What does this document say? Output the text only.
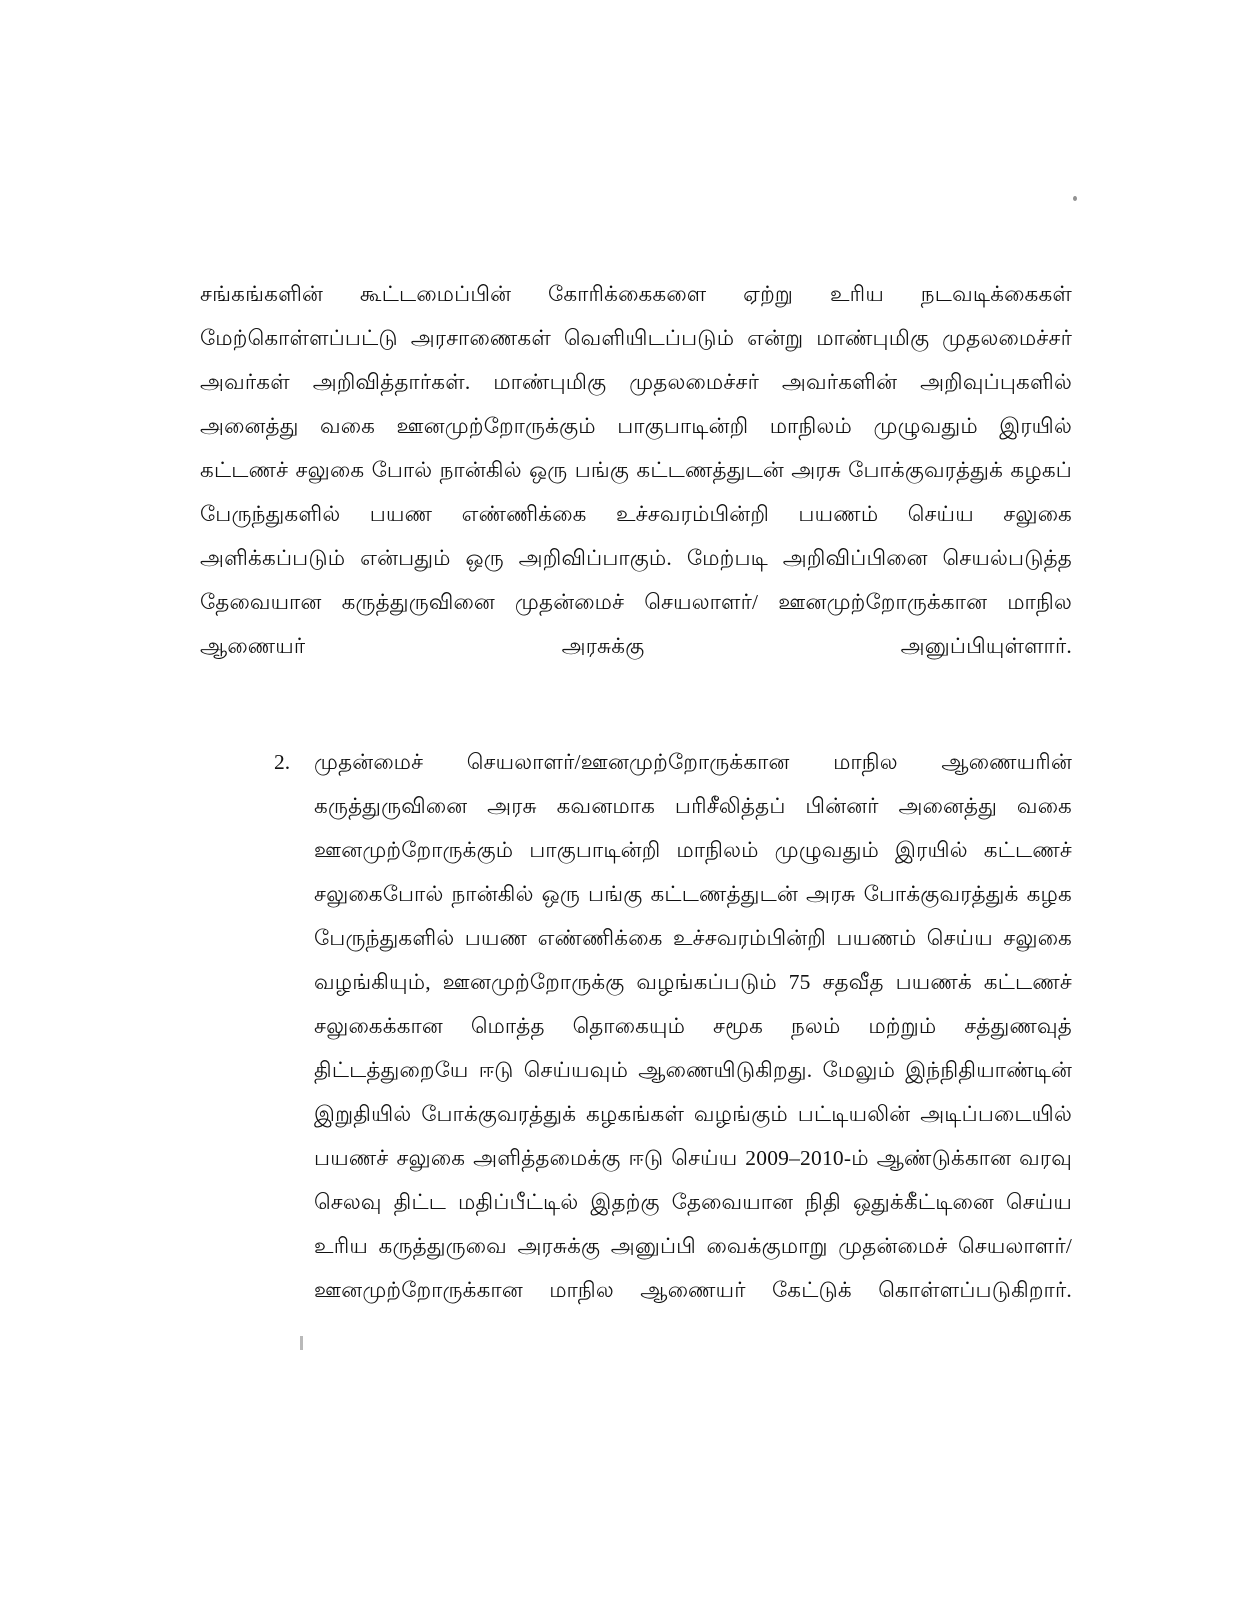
சங்கங்களின் கூட்டமைப்பின் கோரிக்கைகளை ஏற்று உரிய நடவடிக்கைகள் மேற்கொள்ளப்பட்டு அரசாணைகள் வெளியிடப்படும் என்று மாண்புமிகு முதலமைச்சர் அவர்கள் அறிவித்தார்கள். மாண்புமிகு முதலமைச்சர் அவர்களின் அறிவுப்புகளில் அனைத்து வகை ஊனமுற்றோருக்கும் பாகுபாடின்றி மாநிலம் முழுவதும் இரயில் கட்டணச் சலுகை போல் நான்கில் ஒரு பங்கு கட்டணத்துடன் அரசு போக்குவரத்துக் கழகப் பேருந்துகளில் பயண எண்ணிக்கை உச்சவரம்பின்றி பயணம் செய்ய சலுகை அளிக்கப்படும் என்பதும் ஒரு அறிவிப்பாகும். மேற்படி அறிவிப்பினை செயல்படுத்த தேவையான கருத்துருவினை முதன்மைச் செயலாளர்/ ஊனமுற்றோருக்கான மாநில ஆணையர் அரசுக்கு அனுப்பியுள்ளார்.

2.	முதன்மைச் செயலாளர்/ஊனமுற்றோருக்கான மாநில ஆணையரின் கருத்துருவினை அரசு கவனமாக பரிசீலித்தப் பின்னர் அனைத்து வகை ஊனமுற்றோருக்கும் பாகுபாடின்றி மாநிலம் முழுவதும் இரயில் கட்டணச் சலுகைபோல் நான்கில் ஒரு பங்கு கட்டணத்துடன் அரசு போக்குவரத்துக் கழக பேருந்துகளில் பயண எண்ணிக்கை உச்சவரம்பின்றி பயணம் செய்ய சலுகை வழங்கியும், ஊனமுற்றோருக்கு வழங்கப்படும் 75 சதவீத பயணக் கட்டணச் சலுகைக்கான மொத்த தொகையும் சமூக நலம் மற்றும் சத்துணவுத் திட்டத்துறையே ஈடு செய்யவும் ஆணையிடுகிறது. மேலும் இந்நிதியாண்டின் இறுதியில் போக்குவரத்துக் கழகங்கள் வழங்கும் பட்டியலின் அடிப்படையில் பயணச் சலுகை அளித்தமைக்கு ஈடு செய்ய 2009–2010-ம் ஆண்டுக்கான வரவு செலவு திட்ட மதிப்பீட்டில் இதற்கு தேவையான நிதி ஒதுக்கீட்டினை செய்ய உரிய கருத்துருவை அரசுக்கு அனுப்பி வைக்குமாறு முதன்மைச் செயலாளர்/ஊனமுற்றோருக்கான மாநில ஆணையர் கேட்டுக் கொள்ளப்படுகிறார்.
